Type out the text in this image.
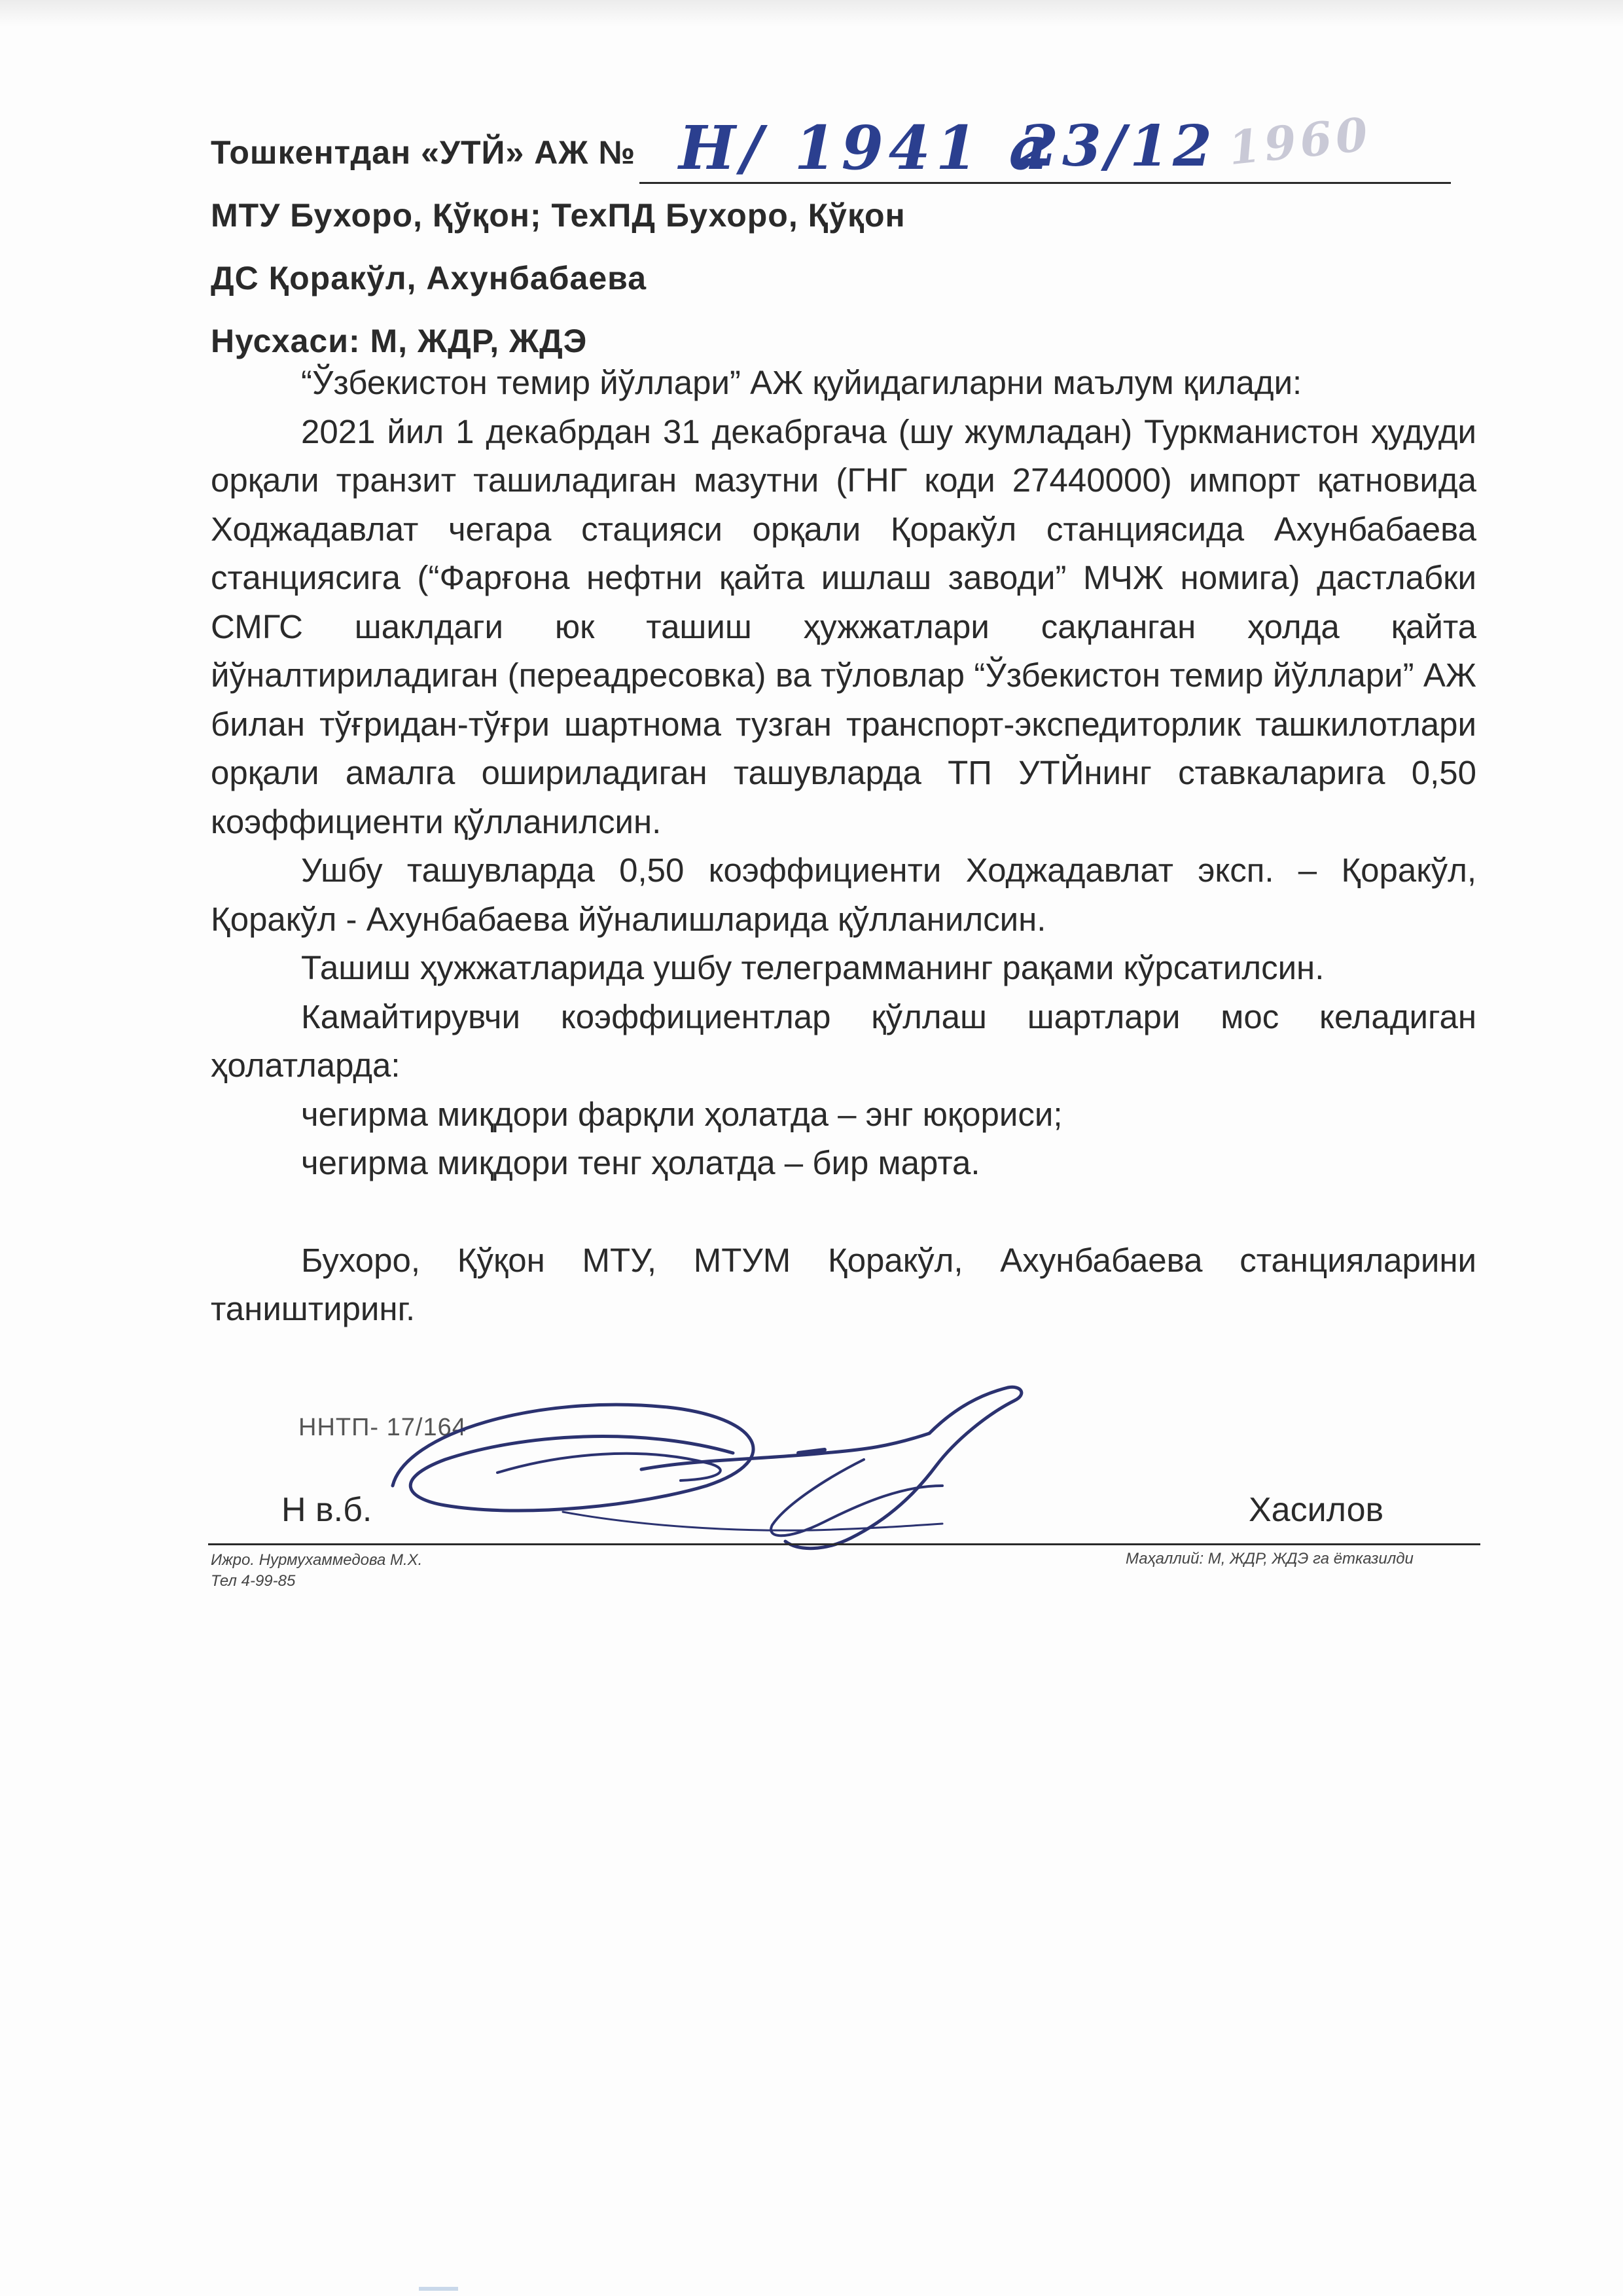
Тошкентдан «УТЙ» АЖ № Н/ 1941 а
23/12 1960
МТУ Бухоро, Қўқон; ТехПД Бухоро, Қўқон
ДС Қоракўл, Ахунбабаева
Нусхаси: М, ЖДР, ЖДЭ

“Ўзбекистон темир йўллари” АЖ қуйидагиларни маълум қилади:

2021 йил 1 декабрдан 31 декабргача (шу жумладан) Туркманистон ҳудуди орқали транзит ташиладиган мазутни (ГНГ коди 27440000) импорт қатновида Ходжадавлат чегара стацияси орқали Қоракўл станциясида Ахунбабаева станциясига (“Фарғона нефтни қайта ишлаш заводи” МЧЖ номига) дастлабки СМГС шаклдаги юк ташиш ҳужжатлари сақланган ҳолда қайта йўналтириладиган (переадресовка) ва тўловлар “Ўзбекистон темир йўллари” АЖ билан тўғридан-тўғри шартнома тузган транспорт-экспедиторлик ташкилотлари орқали амалга ошириладиган ташувларда ТП УТЙнинг ставкаларига 0,50 коэффициенти қўлланилсин.

Ушбу ташувларда 0,50 коэффициенти Ходжадавлат эксп. – Қоракўл, Қоракўл - Ахунбабаева йўналишларида қўлланилсин.

Ташиш ҳужжатларида ушбу телеграмманинг рақами кўрсатилсин.

Камайтирувчи коэффициентлар қўллаш шартлари мос келадиган ҳолатларда:

чегирма миқдори фарқли ҳолатда – энг юқориси;

чегирма миқдори тенг ҳолатда – бир марта.

Бухоро, Қўқон МТУ, МТУМ Қоракўл, Ахунбабаева станцияларини таништиринг.

ННТП- 17/164
Н в.б.	Хасилов
Ижро. Нурмухаммедова М.Х.
Тел 4-99-85
Маҳаллий: М, ЖДР, ЖДЭ га ётказилди
